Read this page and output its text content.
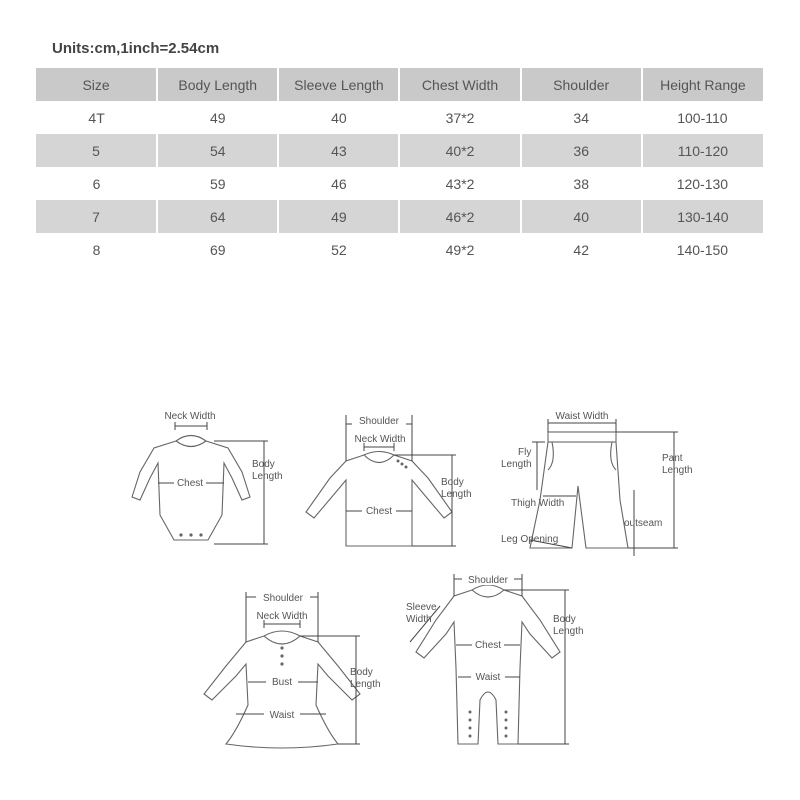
Units:cm,1inch=2.54cm
Size	Body Length	Sleeve Length	Chest Width	Shoulder	Height Range
4T	49	40	37*2	34	100-110
5	54	43	40*2	36	110-120
6	59	46	43*2	38	120-130
7	64	49	46*2	40	130-140
8	69	52	49*2	42	140-150
Neck Width
Chest
Body
Length
Shoulder
Neck Width
Chest
Body
Length
Waist Width
Fly
Length
Pant
Length
Thigh Width
outseam
Leg Opening
Shoulder
Neck Width
Bust
Waist
Body
Length
Shoulder
Sleeve
Width
Chest
Waist
Body
Length
